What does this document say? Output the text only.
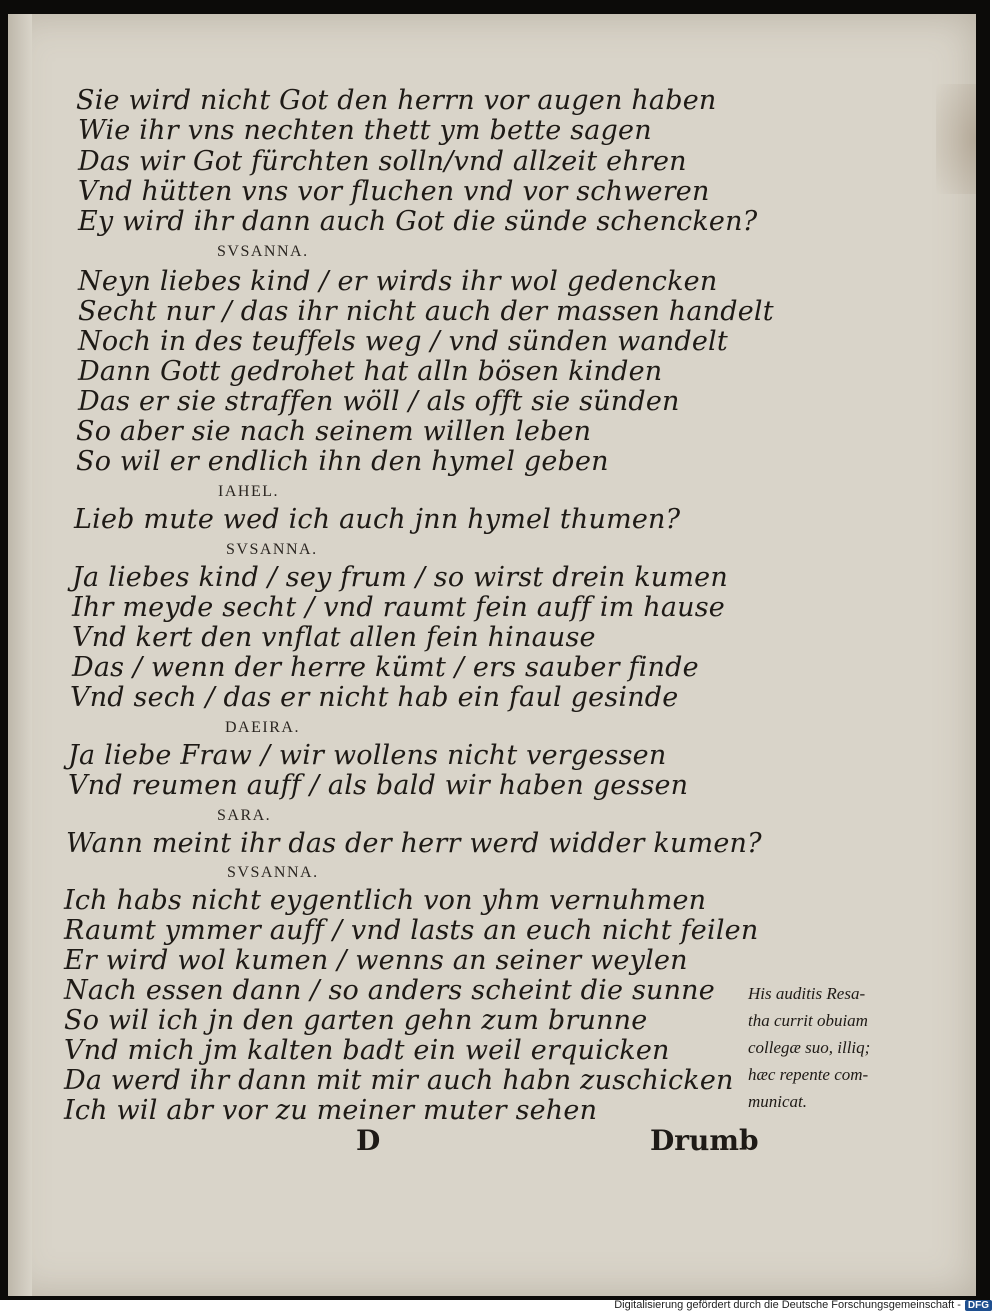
Sie wird nicht Got den herrn vor augen haben
Wie ihr vns nechten thett ym bette sagen
Das wir Got fürchten solln/vnd allzeit ehren
Vnd hütten vns vor fluchen vnd vor schweren
Ey wird ihr dann auch Got die sünde schencken?
SVSANNA.
Neyn liebes kind / er wirds ihr wol gedencken
Secht nur / das ihr nicht auch der massen handelt
Noch in des teuffels weg / vnd sünden wandelt
Dann Gott gedrohet hat alln bösen kinden
Das er sie straffen wöll / als offt sie sünden
So aber sie nach seinem willen leben
So wil er endlich ihn den hymel geben
IAHEL.
Lieb mute wed ich auch jnn hymel thumen?
SVSANNA.
Ja liebes kind / sey frum / so wirst drein kumen
Ihr meyde secht / vnd raumt fein auff im hause
Vnd kert den vnflat allen fein hinause
Das / wenn der herre kümt / ers sauber finde
Vnd sech / das er nicht hab ein faul gesinde
DAEIRA.
Ja liebe Fraw / wir wollens nicht vergessen
Vnd reumen auff / als bald wir haben gessen
SARA.
Wann meint ihr das der herr werd widder kumen?
SVSANNA.
Ich habs nicht eygentlich von yhm vernuhmen
Raumt ymmer auff / vnd lasts an euch nicht feilen
Er wird wol kumen / wenns an seiner weylen
Nach essen dann / so anders scheint die sunne
So wil ich jn den garten gehn zum brunne
Vnd mich jm kalten badt ein weil erquicken
Da werd ihr dann mit mir auch habn zuschicken
Ich wil abr vor zu meiner muter sehen
His auditis Resa-
tha currit obuiam
collegæ suo, illiq;
hæc repente com-
municat.
D	Drumb
Digitalisierung gefördert durch die Deutsche Forschungsgemeinschaft - DFG
